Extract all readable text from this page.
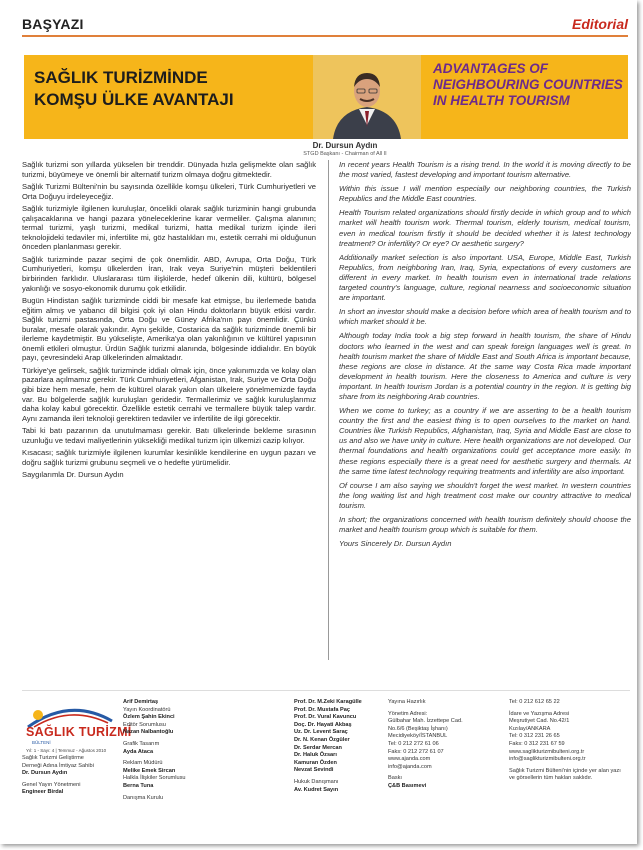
BAŞYAZI	Editorial
SAĞLIK TURİZMİNDE
KOMŞU ÜLKE AVANTAJI
ADVANTAGES OF
NEIGHBOURING COUNTRIES
IN HEALTH TOURISM
Dr. Dursun Aydın
STGD Başkanı - Chairman of All II

Sağlık turizmi son yıllarda yükselen bir trenddir. Dünyada hızla gelişmekte olan sağlık turizmi, büyümeye ve önemli bir alternatif turizm olmaya doğru gitmektedir.

Sağlık Turizmi Bülteni'nin bu sayısında özellikle komşu ülkeleri, Türk Cumhuriyetleri ve Orta Doğuyu irdeleyeceğiz.

Sağlık turizmiyle ilgilenen kuruluşlar, öncelikli olarak sağlık turizminin hangi grubunda çalışacaklarına ve hangi pazara yöneleceklerine karar vermeliler. Çalışma alanının; termal turizmi, yaşlı turizmi, medikal turizmi, hatta medikal turizm içinde ileri teknolojideki tedaviler mi, infertilite mi, göz hastalıkları mı, estetik cerrahi mi olduğunun önceden planlanması gerekir.

Sağlık turizminde pazar seçimi de çok önemlidir. ABD, Avrupa, Orta Doğu, Türk Cumhuriyetleri, komşu ülkelerden İran, Irak veya Suriye'nin müşteri beklentileri birbirinden farklıdır. Uluslararası tüm ilişkilerde, hedef ülkenin dili, kültürü, bölgesel yakınlığı ve sosyo-ekonomik durumu çok etkilidir.

Bugün Hindistan sağlık turizminde ciddi bir mesafe kat etmişse, bu ilerlemede batıda eğitim almış ve yabancı dil bilgisi çok iyi olan Hindu doktorların büyük etkisi vardır. Sağlık turizmi pastasında, Orta Doğu ve Güney Afrika'nın payı önemlidir. Çünkü buralar, mesafe olarak yakındır. Aynı şekilde, Costarica da sağlık turizminde önemli bir ilerleme kaydetmiştir. Bu yükselişte, Amerika'ya olan yakınlığının ve kültürel yapısının önemli etkileri olmuştur. Ürdün Sağlık turizmi alanında, bölgesinde iddialıdır. En büyük payı, çevresindeki Arap ülkelerinden almaktadır.

Türkiye'ye gelirsek, sağlık turizminde iddialı olmak için, önce yakınımızda ve kolay olan pazarlara açılmamız gerekir. Türk Cumhuriyetleri, Afganistan, Irak, Suriye ve Orta Doğu gibi bize hem mesafe, hem de kültürel olarak yakın olan ülkelere yönelmemizde fayda var. Bu bölgelerde sağlık kuruluşları geridedir. Termallerimiz ve sağlık kuruluşlarımız daha kolay kabul görecektir. Özellikle estetik cerrahi ve termallere büyük talep vardır. Aynı zamanda ileri teknoloji gerektiren tedaviler ve infertilite de ilgi görecektir.

Tabi ki batı pazarının da unutulmaması gerekir. Batı ülkelerinde bekleme sırasının uzunluğu ve tedavi maliyetlerinin yüksekliği medikal turizm için ülkemizi cazip kılıyor.

Kısacası; sağlık turizmiyle ilgilenen kurumlar kesinlikle kendilerine en uygun pazarı ve doğru sağlık turizmi grubunu seçmeli ve o hedefte yürümelidir.

Saygılarımla Dr. Dursun Aydın

In recent years Health Tourism is a rising trend. In the world it is moving directly to be the most varied, fastest developing and important tourism alternative.

Within this issue I will mention especially our neighboring countries, the Turkish Republics and the Middle East countries.

Health Tourism related organizations should firstly decide in which group and to which market will health tourism work. Thermal tourism, elderly tourism, medical tourism, even in medical tourism firstly it should be decided whether it is latest technology treatment? Or infertility? Or eye? Or aesthetic surgery?

Additionally market selection is also important. USA, Europe, Middle East, Turkish Republics, from neighboring Iran, Iraq, Syria, expectations of every customers are different in every market. In health tourism even in international trade relations targeted country's language, culture, regional nearness and socioeconomic situation are important.

In short an investor should make a decision before which area of health tourism and to which market should it be.

Although today India took a big step forward in health tourism, the share of Hindu doctors who learned in the west and can speak foreign languages well is great. In health tourism market the share of Middle East and South Africa is important because, these regions are close in distance. At the same way Costa Rica made important development in health tourism. Here the closeness to America and culture is very important. In health tourism Jordan is a potential country in the region. It is getting big share from its neighboring Arab countries.

When we come to turkey; as a country if we are asserting to be a health tourism country the first and the easiest thing is to open ourselves to the market on hand. Countries like Turkish Republics, Afghanistan, Iraq, Syria and Middle East are close to us and also we have unity in culture. Here health organizations are not developed. Our thermal foundations and health organizations could get acceptance more easily. In these regions especially there is a great need for aesthetic surgery and thermals. At the same time latest technology requiring treatments and infertility are also important.

Of course I am also saying we shouldn't forget the west market. In western countries the long waiting list and high treatment cost make our country attractive to medical tourism.

In short; the organizations concerned with health tourism definitely should choose the market and health tourism group which is suitable for them.

Yours Sincerely Dr. Dursun Aydın

SAĞLIK TURİZMİ
BÜLTENİ
Yıl: 1 - Sayı: 4 | Temmuz - Ağustos 2010
Sağlık Turizmi Geliştirme
Derneği Adına İmtiyaz Sahibi
Dr. Dursun Aydın
Genel Yayın Yönetmeni
Engineer Birdal
Arif Demirtaş
Yayın Koordinatörü
Özlem Şahin Ekinci
Editör Sorumlusu
Nazan Nalbantoğlu
Grafik Tasarım
Ayda Ataca
Reklam Müdürü
Melike Emek Sircan
Halkla İlişkiler Sorumlusu
Berna Tuna
Danışma Kurulu
Prof. Dr. M.Zeki Karagülle
Prof. Dr. Mustafa Paç
Prof. Dr. Vural Kavuncu
Doç. Dr. Hayati Akbaş
Uz. Dr. Levent Saraç
Dr. N. Kenan Özgüler
Dr. Serdar Mercan
Dr. Haluk Özsarı
Kamuran Özden
Nevzat Sevindi
Hukuk Danışmanı
Av. Kudret Sayın
Yayına Hazırlık
Yönetim Adresi:
Gülbahar Mah. İzzettepe Cad.
No.6/6 (Beşiktaş İşhanı)
Mecidiyeköy/İSTANBUL
Tel: 0 212 272 61 06
Faks: 0 212 272 61 07
www.ajanda.com
info@ajanda.com
Baskı
Ç&B Basımevi
Tel: 0 212 612 65 22
İdare ve Yazışma Adresi
Meşrutiyet Cad. No.42/1
Kızılay/ANKARA
Tel: 0 312 231 26 65
Faks: 0 312 231 67 59
www.saglikturizmibulteni.org.tr
info@saglikturizmibulteni.org.tr
Sağlık Turizmi Bülteni'nin içinde yer alan yazı ve görsellerin tüm hakları saklıdır.
